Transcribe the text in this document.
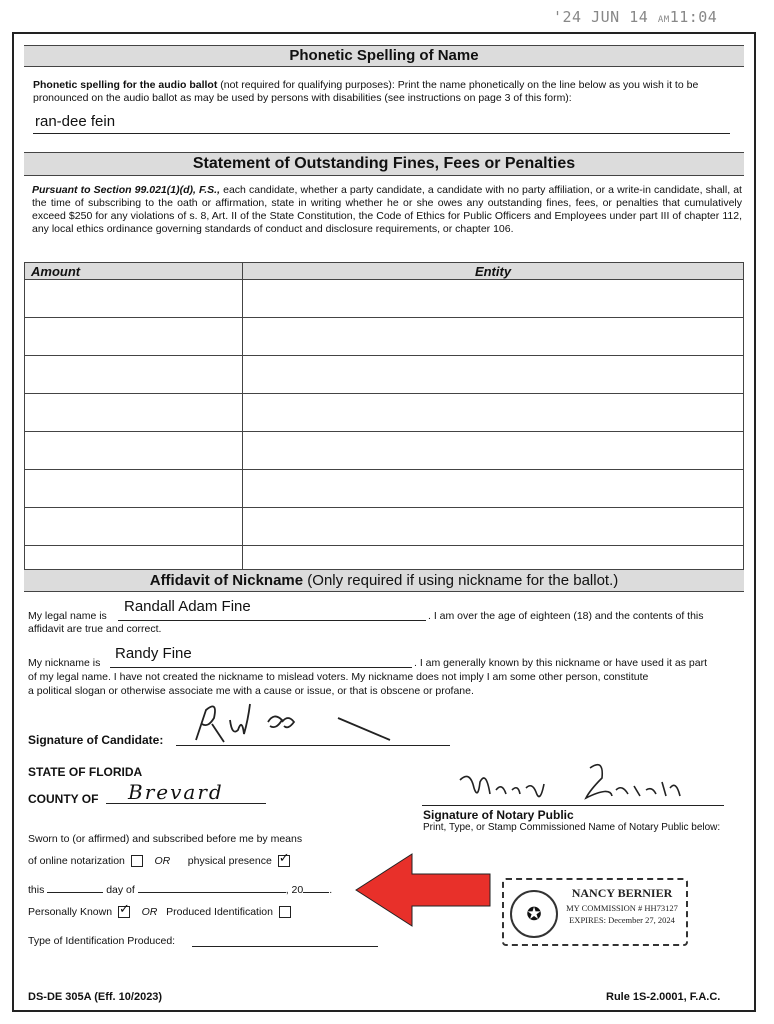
'24 JUN 14 AM11:04
Phonetic Spelling of Name
Phonetic spelling for the audio ballot (not required for qualifying purposes): Print the name phonetically on the line below as you wish it to be pronounced on the audio ballot as may be used by persons with disabilities (see instructions on page 3 of this form):
ran-dee fein
Statement of Outstanding Fines, Fees or Penalties
Pursuant to Section 99.021(1)(d), F.S., each candidate, whether a party candidate, a candidate with no party affiliation, or a write-in candidate, shall, at the time of subscribing to the oath or affirmation, state in writing whether he or she owes any outstanding fines, fees, or penalties that cumulatively exceed $250 for any violations of s. 8, Art. II of the State Constitution, the Code of Ethics for Public Officers and Employees under part III of chapter 112, any local ethics ordinance governing standards of conduct and disclosure requirements, or chapter 106.
Amount	Entity

Affidavit of Nickname (Only required if using nickname for the ballot.)
My legal name is
Randall Adam Fine
. I am over the age of eighteen (18) and the contents of this
affidavit are true and correct.
My nickname is
Randy Fine
. I am generally known by this nickname or have used it as part
of my legal name. I have not created the nickname to mislead voters. My nickname does not imply I am some other person, constitute
a political slogan or otherwise associate me with a cause or issue, or that is obscene or profane.
Signature of Candidate:
STATE OF FLORIDA
COUNTY OF Brevard
Signature of Notary Public
Print, Type, or Stamp Commissioned Name of Notary Public below:
Sworn to (or affirmed) and subscribed before me by means
of online notarization	OR physical presence ✓
this	day of	, 20 .
Personally Known ✓	OR Produced Identification
Type of Identification Produced:
✪
NANCY BERNIER
MY COMMISSION # HH73127
EXPIRES: December 27, 2024
DS-DE 305A (Eff. 10/2023)	Rule 1S-2.0001, F.A.C.
